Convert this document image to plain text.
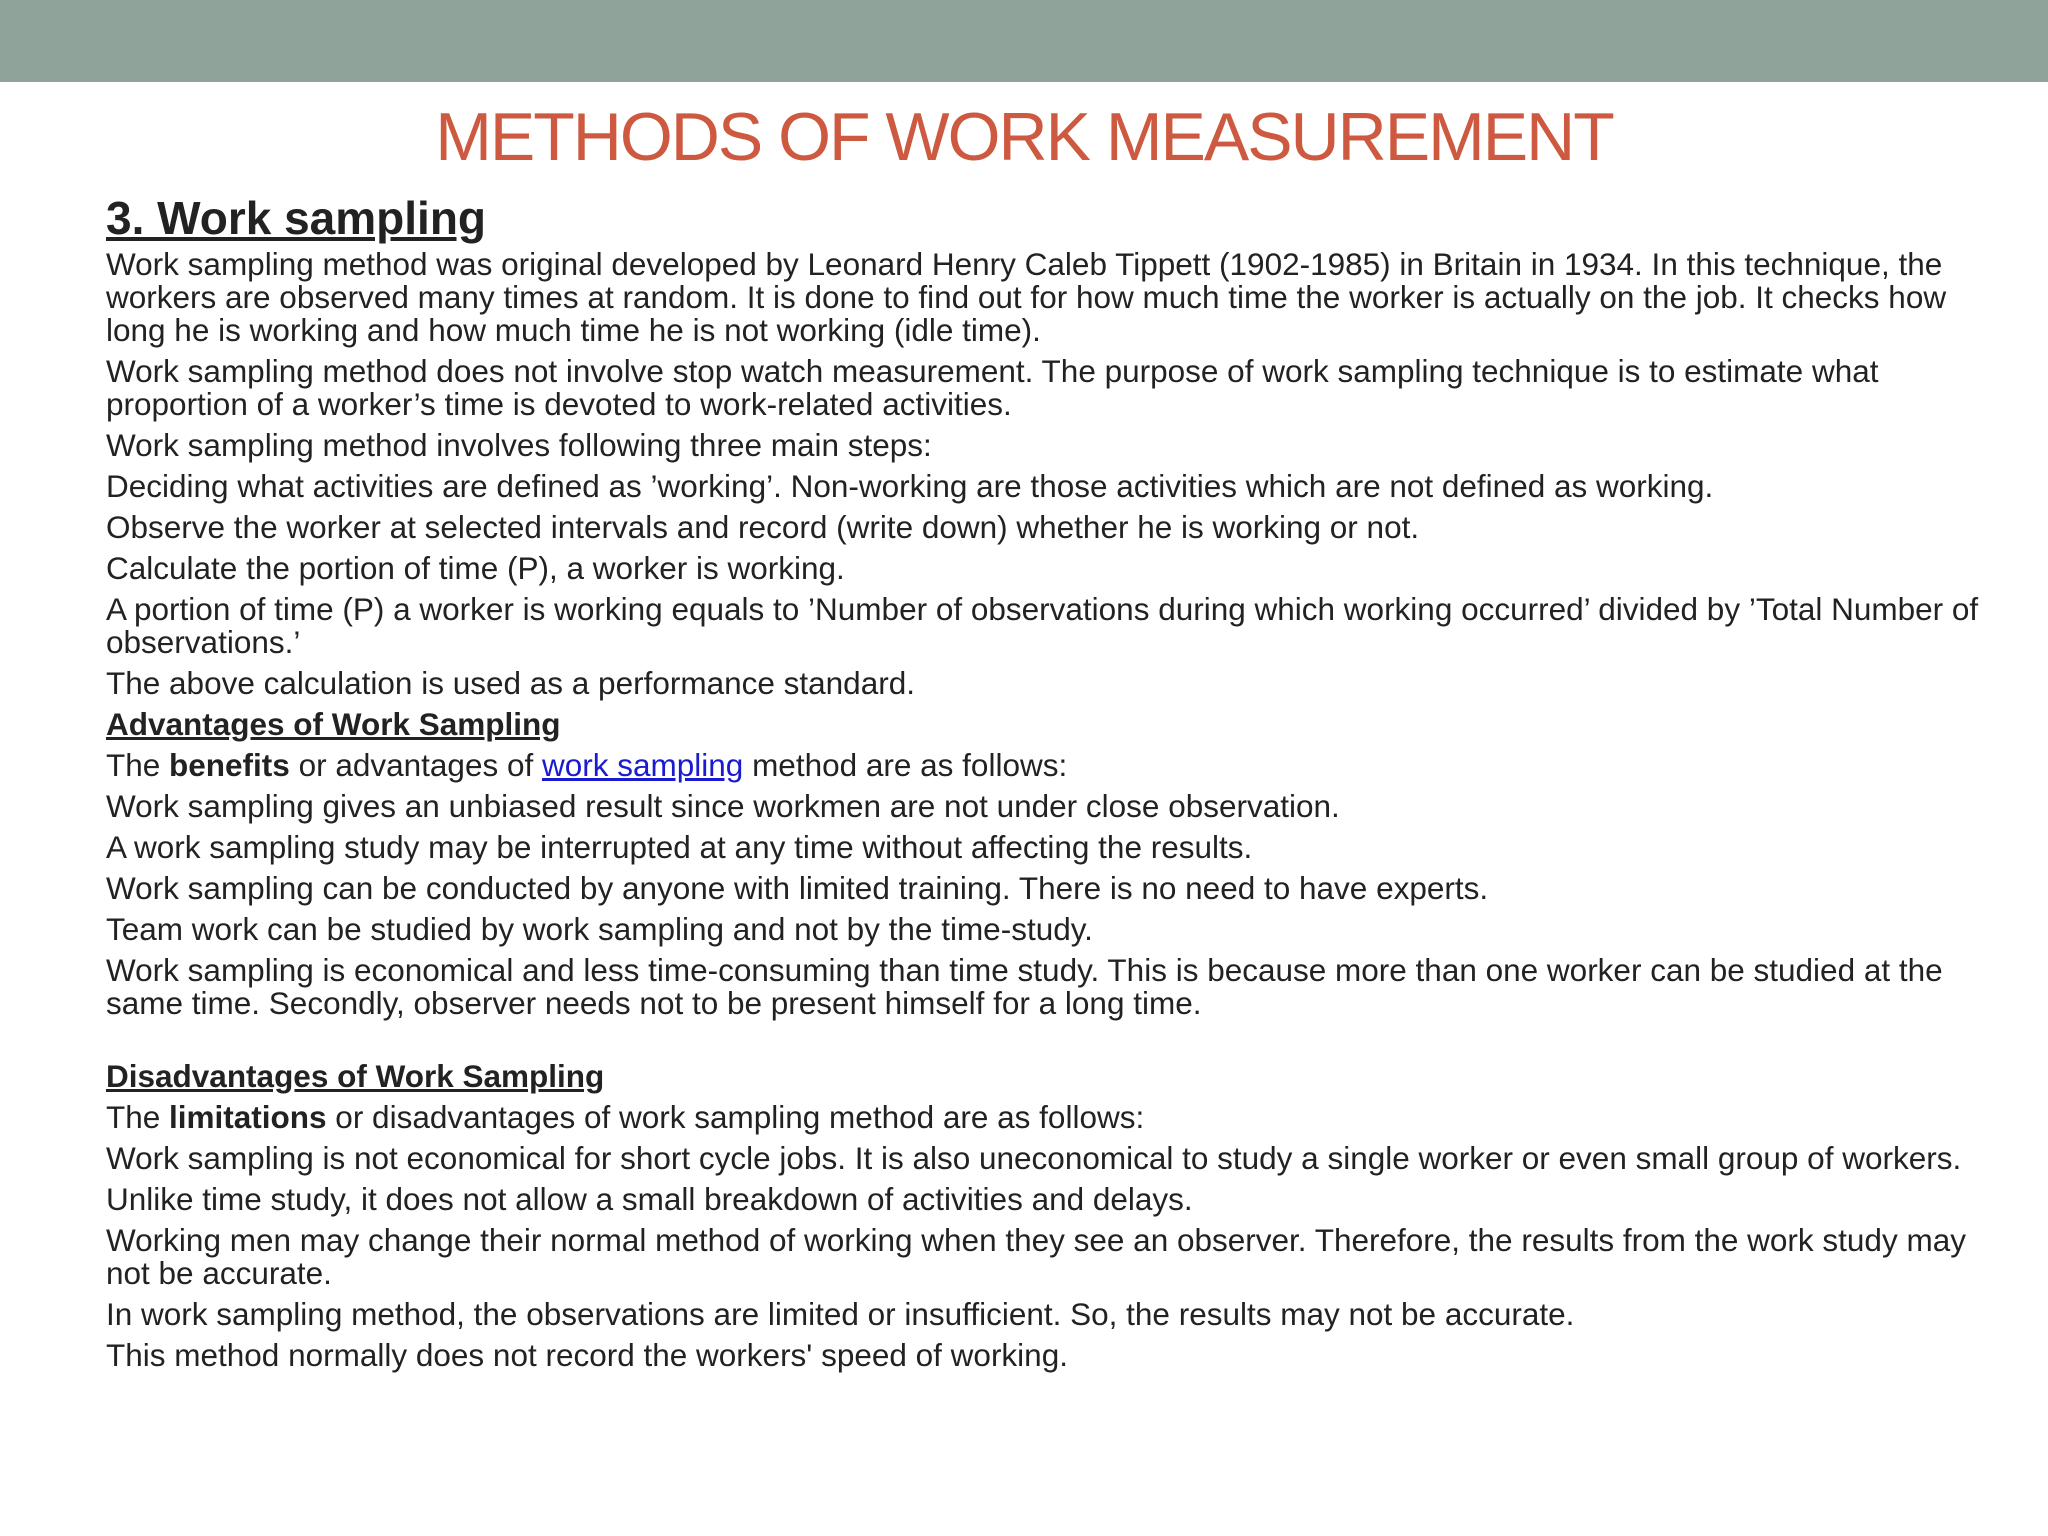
METHODS OF WORK MEASUREMENT
3. Work sampling

Work sampling method was original developed by Leonard Henry Caleb Tippett (1902-1985) in Britain in 1934. In this technique, the workers are observed many times at random. It is done to find out for how much time the worker is actually on the job. It checks how long he is working and how much time he is not working (idle time).

Work sampling method does not involve stop watch measurement. The purpose of work sampling technique is to estimate what proportion of a worker’s time is devoted to work-related activities.

Work sampling method involves following three main steps:

Deciding what activities are defined as ’working’. Non-working are those activities which are not defined as working.

Observe the worker at selected intervals and record (write down) whether he is working or not.

Calculate the portion of time (P), a worker is working.

A portion of time (P) a worker is working equals to ’Number of observations during which working occurred’ divided by ’Total Number of observations.’

The above calculation is used as a performance standard.

Advantages of Work Sampling

The benefits or advantages of work sampling method are as follows:

Work sampling gives an unbiased result since workmen are not under close observation.

A work sampling study may be interrupted at any time without affecting the results.

Work sampling can be conducted by anyone with limited training. There is no need to have experts.

Team work can be studied by work sampling and not by the time-study.

Work sampling is economical and less time-consuming than time study. This is because more than one worker can be studied at the same time. Secondly, observer needs not to be present himself for a long time.

Disadvantages of Work Sampling

The limitations or disadvantages of work sampling method are as follows:

Work sampling is not economical for short cycle jobs. It is also uneconomical to study a single worker or even small group of workers.

Unlike time study, it does not allow a small breakdown of activities and delays.

Working men may change their normal method of working when they see an observer. Therefore, the results from the work study may not be accurate.

In work sampling method, the observations are limited or insufficient. So, the results may not be accurate.

This method normally does not record the workers' speed of working.
